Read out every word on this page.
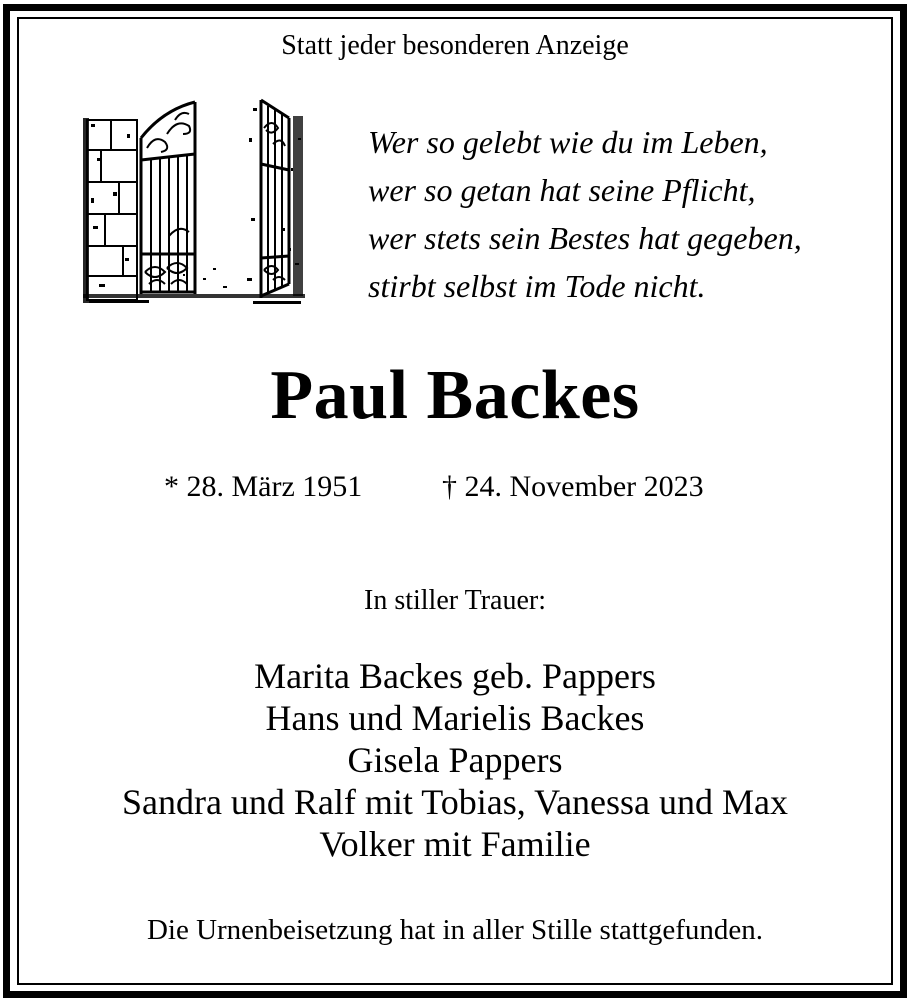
Statt jeder besonderen Anzeige
Wer so gelebt wie du im Leben,
wer so getan hat seine Pflicht,
wer stets sein Bestes hat gegeben,
stirbt selbst im Tode nicht.
Paul Backes
* 28. März 1951	† 24. November 2023
In stiller Trauer:
Marita Backes geb. Pappers
Hans und Marielis Backes
Gisela Pappers
Sandra und Ralf mit Tobias, Vanessa und Max
Volker mit Familie
Die Urnenbeisetzung hat in aller Stille stattgefunden.
